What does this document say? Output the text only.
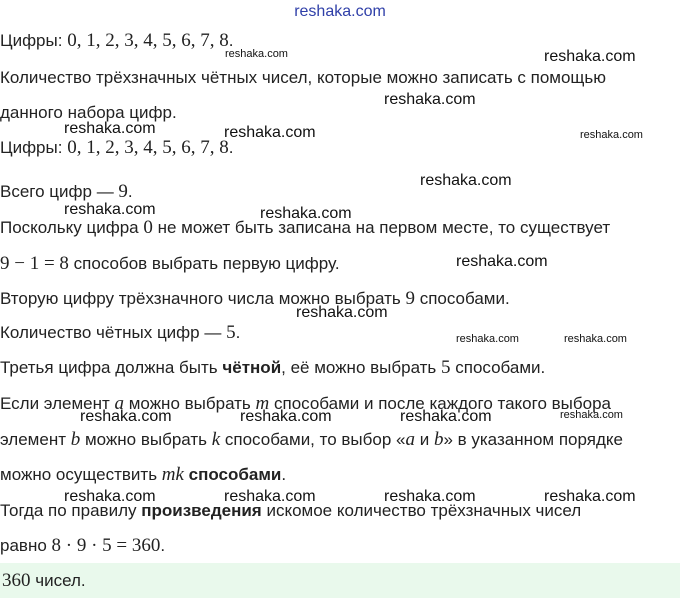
reshaka.com
Цифры: 0, 1, 2, 3, 4, 5, 6, 7, 8.
Количество трёхзначных чётных чисел, которые можно записать с помощью
данного набора цифр.
Цифры: 0, 1, 2, 3, 4, 5, 6, 7, 8.
Всего цифр — 9.
Поскольку цифра 0 не может быть записана на первом месте, то существует
9 − 1 = 8 способов выбрать первую цифру.
Вторую цифру трёхзначного числа можно выбрать 9 способами.
Количество чётных цифр — 5.
Третья цифра должна быть чётной, её можно выбрать 5 способами.
Если элемент a можно выбрать m способами и после каждого такого выбора
элемент b можно выбрать k способами, то выбор «a и b» в указанном порядке
можно осуществить mk способами.
Тогда по правилу произведения искомое количество трёхзначных чисел
равно 8 · 9 · 5 = 360.
360 чисел.
reshaka.com	reshaka.com
reshaka.com
reshaka.com	reshaka.com	reshaka.com
reshaka.com
reshaka.com	reshaka.com
reshaka.com
reshaka.com
reshaka.com	reshaka.com
reshaka.com	reshaka.com	reshaka.com	reshaka.com
reshaka.com	reshaka.com	reshaka.com	reshaka.com
